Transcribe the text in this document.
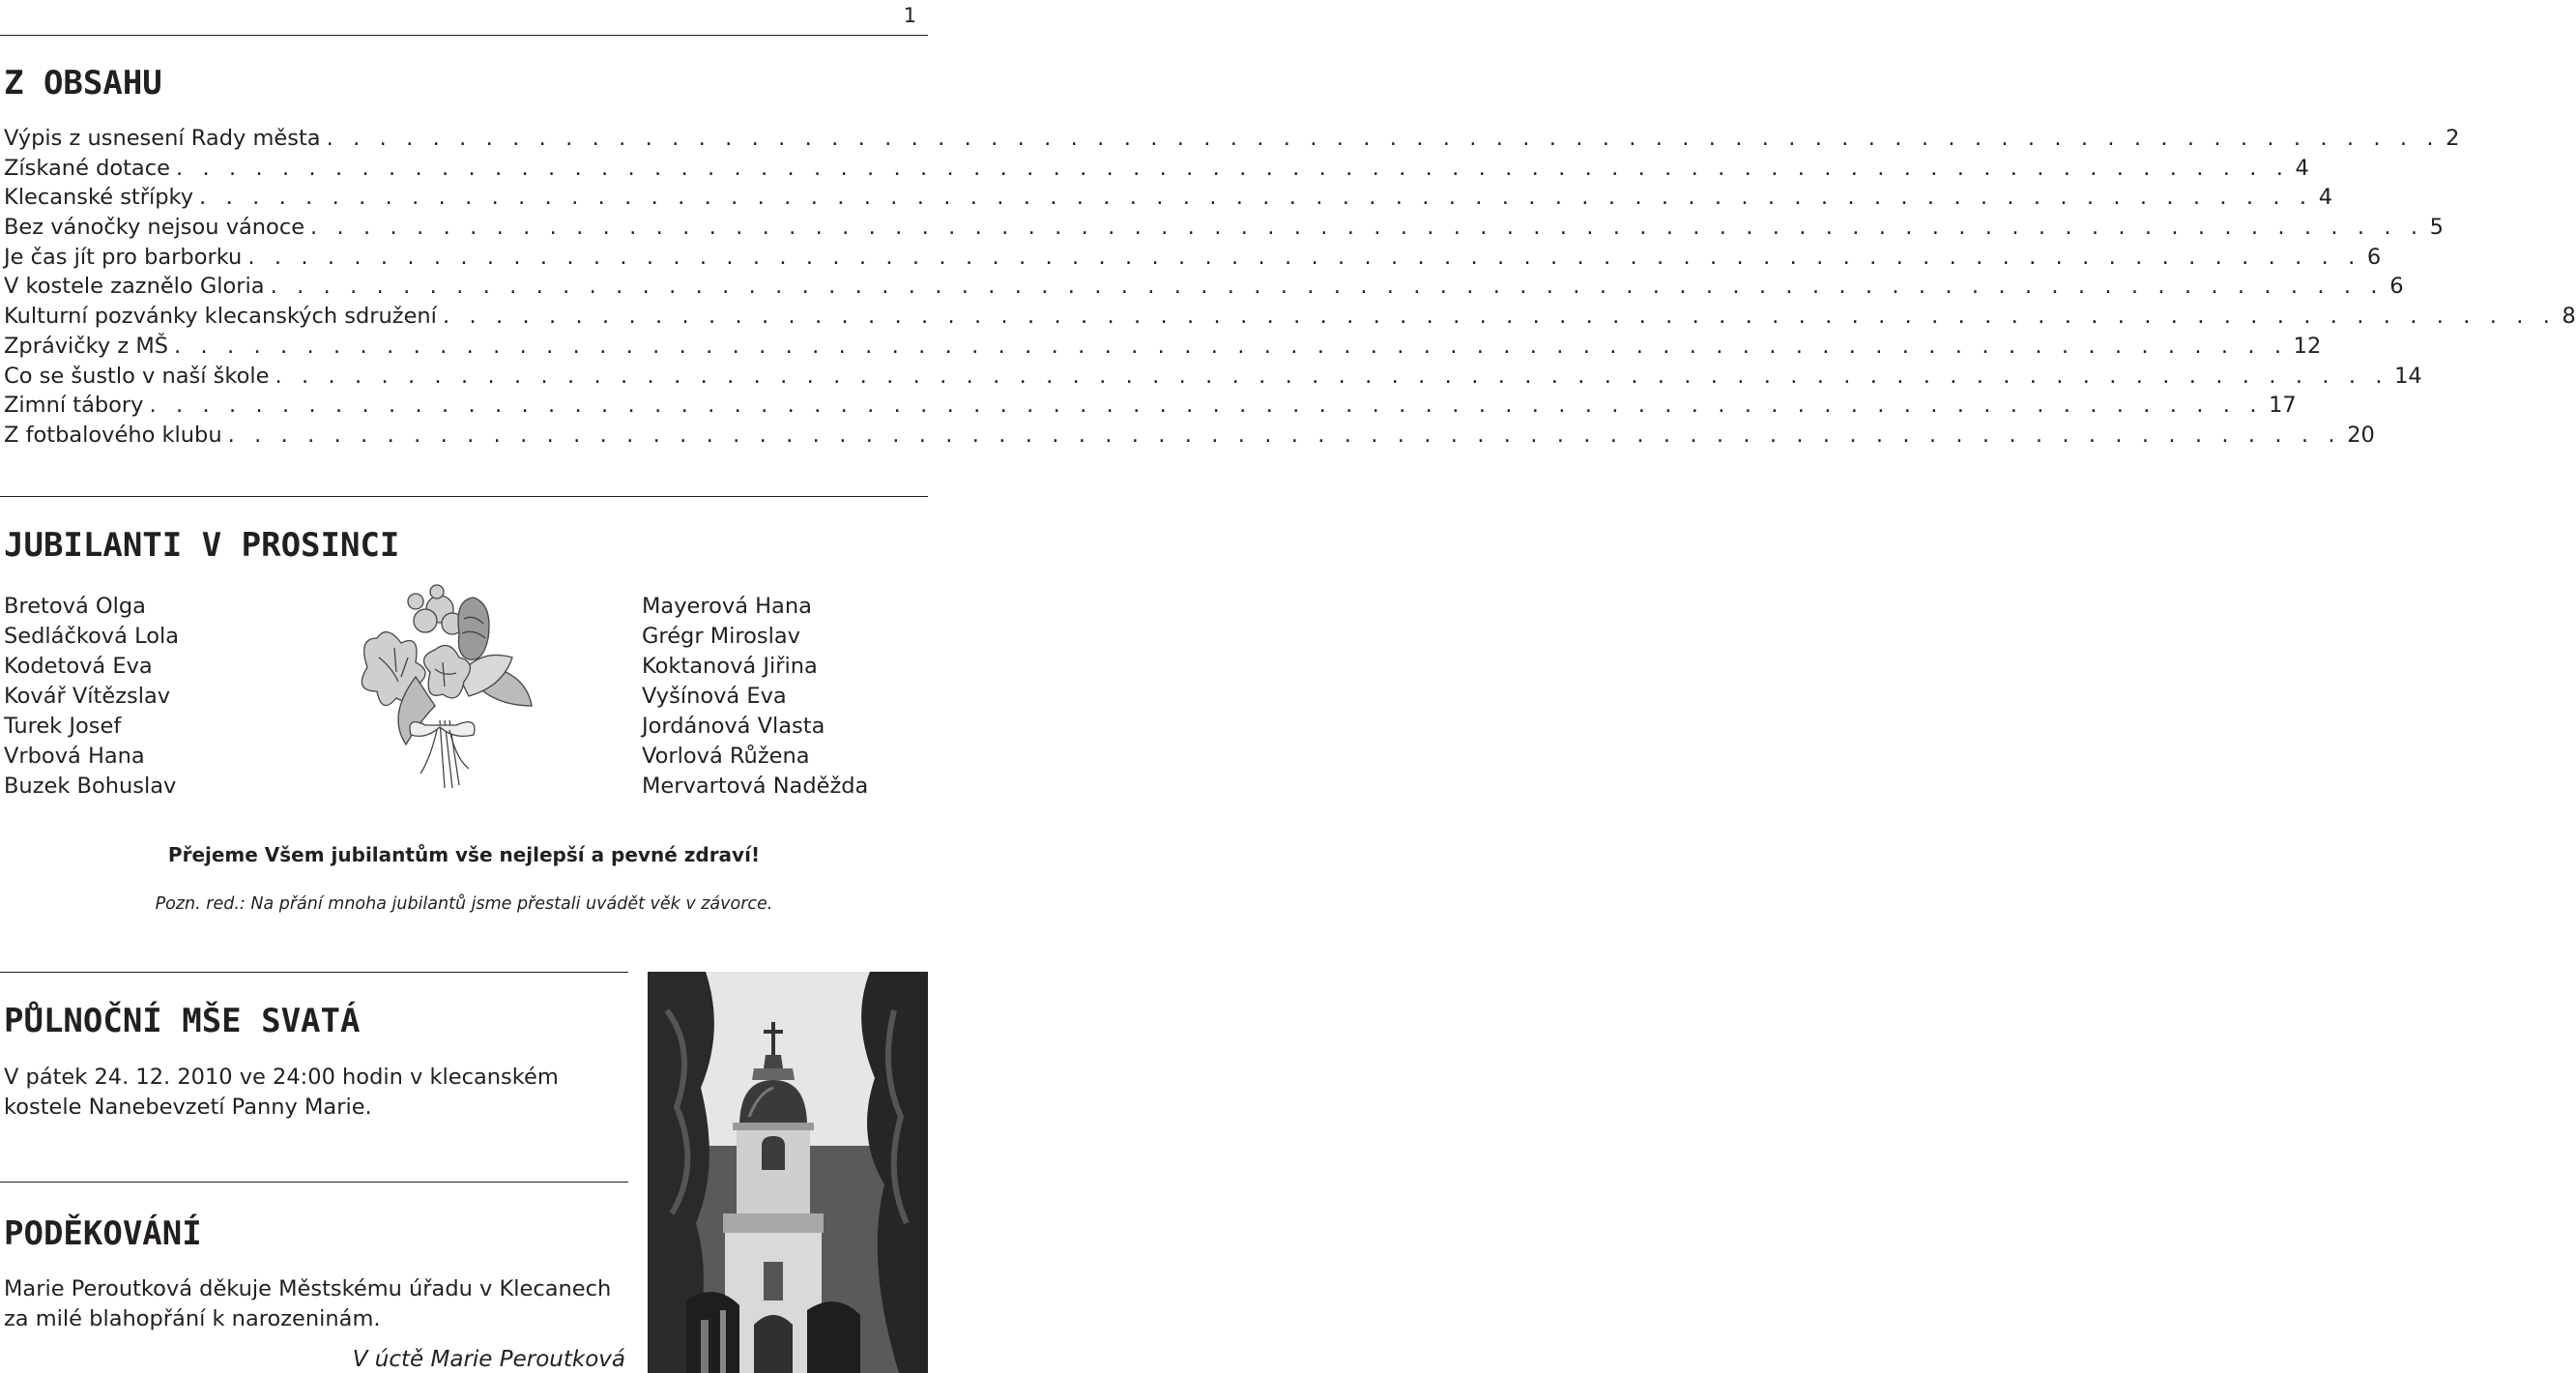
1
Z OBSAHU
Výpis z usnesení Rady města . . . . . . . . . . . . . . . . . . . . . . . . . . . . . . . . . . . . . . . . . . . . . . . . . . . . . . . . . . . . . . . . . . . . . . . . . . . . . . . . 2
Získané dotace . . . . . . . . . . . . . . . . . . . . . . . . . . . . . . . . . . . . . . . . . . . . . . . . . . . . . . . . . . . . . . . . . . . . . . . . . . . . . . . . 4
Klecanské střípky . . . . . . . . . . . . . . . . . . . . . . . . . . . . . . . . . . . . . . . . . . . . . . . . . . . . . . . . . . . . . . . . . . . . . . . . . . . . . . . . 4
Bez vánočky nejsou vánoce . . . . . . . . . . . . . . . . . . . . . . . . . . . . . . . . . . . . . . . . . . . . . . . . . . . . . . . . . . . . . . . . . . . . . . . . . . . . . . . . 5
Je čas jít pro barborku . . . . . . . . . . . . . . . . . . . . . . . . . . . . . . . . . . . . . . . . . . . . . . . . . . . . . . . . . . . . . . . . . . . . . . . . . . . . . . . . 6
V kostele zaznělo Gloria . . . . . . . . . . . . . . . . . . . . . . . . . . . . . . . . . . . . . . . . . . . . . . . . . . . . . . . . . . . . . . . . . . . . . . . . . . . . . . . . 6
Kulturní pozvánky klecanských sdružení . . . . . . . . . . . . . . . . . . . . . . . . . . . . . . . . . . . . . . . . . . . . . . . . . . . . . . . . . . . . . . . . . . . . . . . . . . . . . . . . 8
Zprávičky z MŠ . . . . . . . . . . . . . . . . . . . . . . . . . . . . . . . . . . . . . . . . . . . . . . . . . . . . . . . . . . . . . . . . . . . . . . . . . . . . . . . . 12
Co se šustlo v naší škole . . . . . . . . . . . . . . . . . . . . . . . . . . . . . . . . . . . . . . . . . . . . . . . . . . . . . . . . . . . . . . . . . . . . . . . . . . . . . . . . 14
Zimní tábory . . . . . . . . . . . . . . . . . . . . . . . . . . . . . . . . . . . . . . . . . . . . . . . . . . . . . . . . . . . . . . . . . . . . . . . . . . . . . . . . 17
Z fotbalového klubu . . . . . . . . . . . . . . . . . . . . . . . . . . . . . . . . . . . . . . . . . . . . . . . . . . . . . . . . . . . . . . . . . . . . . . . . . . . . . . . . 20
JUBILANTI V PROSINCI
Bretová Olga
Sedláčková Lola
Kodetová Eva
Kovář Vítězslav
Turek Josef
Vrbová Hana
Buzek Bohuslav
Mayerová Hana
Grégr Miroslav
Koktanová Jiřina
Vyšínová Eva
Jordánová Vlasta
Vorlová Růžena
Mervartová Naděžda
Přejeme Všem jubilantům vše nejlepší a pevné zdraví!
Pozn. red.: Na přání mnoha jubilantů jsme přestali uvádět věk v závorce.
PŮLNOČNÍ MŠE SVATÁ
V pátek 24. 12. 2010 ve 24:00 hodin v klecanském
kostele Nanebevzetí Panny Marie.
PODĚKOVÁNÍ
Marie Peroutková děkuje Městskému úřadu v Klecanech
za milé blahopřání k narozeninám.
V úctě Marie Peroutková
